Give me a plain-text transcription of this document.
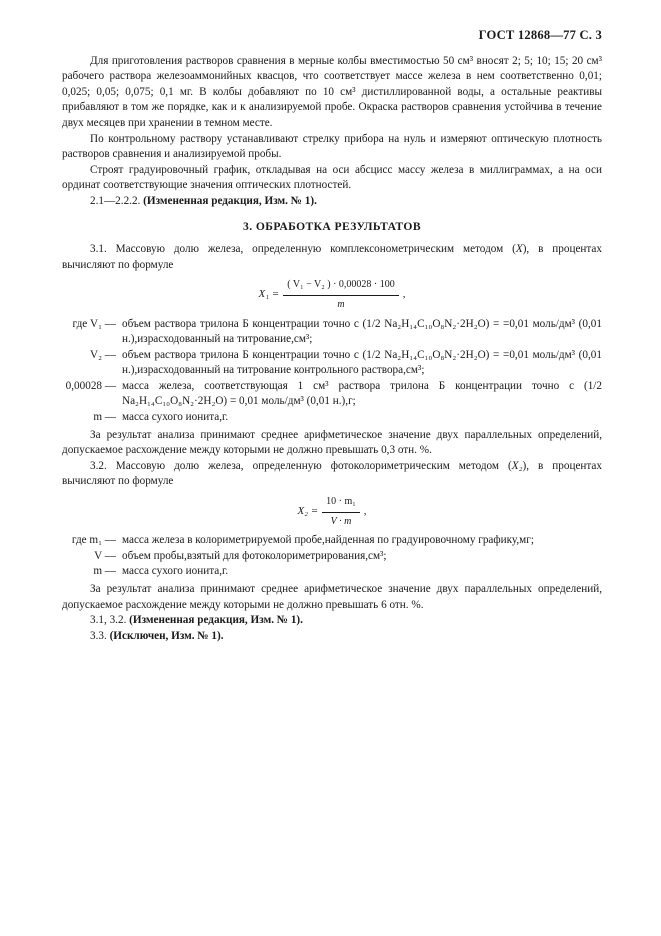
ГОСТ 12868—77 С. 3

Для приготовления растворов сравнения в мерные колбы вместимостью 50 см³ вносят 2; 5; 10; 15; 20 см³ рабочего раствора железоаммонийных квасцов, что соответствует массе железа в нем соответственно 0,01; 0,025; 0,05; 0,075; 0,1 мг. В колбы добавляют по 10 см³ дистиллированной воды, а остальные реактивы прибавляют в том же порядке, как и к анализируемой пробе. Окраска растворов сравнения устойчива в течение двух месяцев при хранении в темном месте.

По контрольному раствору устанавливают стрелку прибора на нуль и измеряют оптическую плотность растворов сравнения и анализируемой пробы.

Строят градуировочный график, откладывая на оси абсцисс массу железа в миллиграммах, а на оси ординат соответствующие значения оптических плотностей.

2.1—2.2.2. (Измененная редакция, Изм. № 1).

3. ОБРАБОТКА РЕЗУЛЬТАТОВ

3.1. Массовую долю железа, определенную комплексонометрическим методом (X), в процентах вычисляют по формуле

$X_1 = \frac{\text{( V₁ − V₂ ) · 0,00028 · 100}}{m}$ ,
где V₁ — объем раствора трилона Б концентрации точно c (1/2 Na₂H₁₄C₁₀O₈N₂·2H₂O) = =0,01 моль/дм³ (0,01 н.),израсходованный на титрование,см³;
V₂ — объем раствора трилона Б концентрации точно c (1/2 Na₂H₁₄C₁₀O₈N₂·2H₂O) = =0,01 моль/дм³ (0,01 н.),израсходованный на титрование контрольного раствора,см³;
0,00028 — масса железа, соответствующая 1 см³ раствора трилона Б концентрации точно c (1/2 Na₂H₁₄C₁₀O₈N₂·2H₂O) = 0,01 моль/дм³ (0,01 н.),г;
m — масса сухого ионита,г.

За результат анализа принимают среднее арифметическое значение двух параллельных определений, допускаемое расхождение между которыми не должно превышать 0,3 отн. %.

3.2. Массовую долю железа, определенную фотоколориметрическим методом (X₂), в процентах вычисляют по формуле

$X_2 = \frac{\text{10 · m₁}}{V \cdot m}$ ,
где m₁ — масса железа в колориметрируемой пробе,найденная по градуировочному графику,мг;
V — объем пробы,взятый для фотоколориметрирования,см³;
m — масса сухого ионита,г.

За результат анализа принимают среднее арифметическое значение двух параллельных определений, допускаемое расхождение между которыми не должно превышать 6 отн. %.

3.1, 3.2. (Измененная редакция, Изм. № 1).

3.3. (Исключен, Изм. № 1).
